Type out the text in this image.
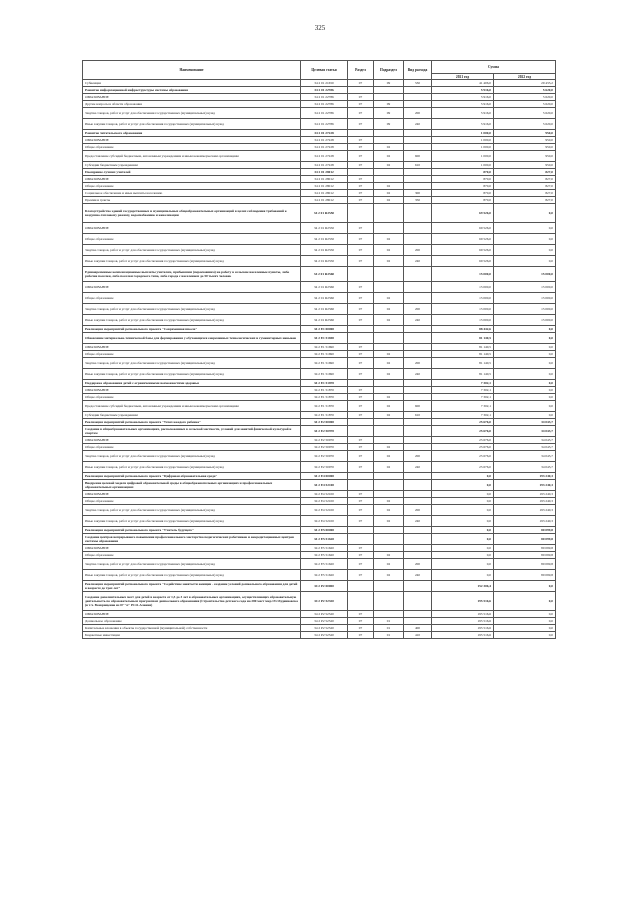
325
Наименование	Целевая статья	Раздел	Подраздел	Вид расхода	Сумма	
					2021 год	2022 год
Субвенции	34 2 01 21650	07	09	530	41 406,0	29 433,2
Развитие информационной инфраструктуры системы образования	34 2 01 22786				5 916,0	5 620,0
ОБРАЗОВАНИЕ	34 2 01 22786	07			5 916,0	5 620,0
Другие вопросы в области образования	34 2 01 22786	07	09		5 916,0	5 620,0
Закупка товаров, работ и услуг для обеспечения государственных (муниципальных) нужд	34 2 01 22786	07	09	200	5 916,0	5 620,0
Иные закупки товаров, работ и услуг для обеспечения государственных (муниципальных) нужд	34 2 01 22786	07	09	240	5 916,0	5 620,0
Развитие читательского образования	34 2 01 27228				1 000,0	950,0
ОБРАЗОВАНИЕ	34 2 01 27228	07			1 000,0	950,0
Общее образование	34 2 01 27228	07	02		1 000,0	950,0
Предоставление субсидий бюджетным, автономным учреждениям и иным некоммерческим организациям	34 2 01 27228	07	02	600	1 000,0	950,0
Субсидии бюджетным учреждениям	34 2 01 27228	07	02	610	1 000,0	950,0
Поощрение лучших учителей	34 2 01 28012				870,0	827,0
ОБРАЗОВАНИЕ	34 2 01 28012	07			870,0	827,0
Общее образование	34 2 01 28012	07	02		870,0	827,0
Социальное обеспечение и иные выплаты населению	34 2 01 28012	07	02	300	870,0	827,0
Премии и гранты	34 2 01 28012	07	02	350	870,0	827,0
Благоустройство зданий государственных и муниципальных общеобразовательных организаций в целях соблюдения требований к воздушно-тепловому режиму, водоснабжению и канализации	34 2 01 R2550				69 526,0	0,0
ОБРАЗОВАНИЕ	34 2 01 R2550	07			69 526,0	0,0
Общее образование	34 2 01 R2550	07	02		69 526,0	0,0
Закупка товаров, работ и услуг для обеспечения государственных (муниципальных) нужд	34 2 01 R2550	07	02	200	69 526,0	0,0
Иные закупки товаров, работ и услуг для обеспечения государственных (муниципальных) нужд	34 2 01 R2550	07	02	240	69 526,0	0,0
Единовременные компенсационные выплаты учителям, прибывшим (переехавшим) на работу в сельские населенные пункты, либо рабочие поселки, либо поселки городского типа, либо города с населением до 50 тысяч человек	34 2 01 R2560				15 000,0	15 000,0
ОБРАЗОВАНИЕ	34 2 01 R2560	07			15 000,0	15 000,0
Общее образование	34 2 01 R2560	07	02		15 000,0	15 000,0
Закупка товаров, работ и услуг для обеспечения государственных (муниципальных) нужд	34 2 01 R2560	07	02	200	15 000,0	15 000,0
Иные закупки товаров, работ и услуг для обеспечения государственных (муниципальных) нужд	34 2 01 R2560	07	02	240	15 000,0	15 000,0
Реализация мероприятий регионального проекта "Современная школа"	34 2 E1 00000				88 442,6	0,0
Обновление материально-технической базы для формирования у обучающихся современных технологических и гуманитарных навыков	34 2 E1 51690				81 140,5	0,0
ОБРАЗОВАНИЕ	34 2 E1 51690	07			81 140,5	0,0
Общее образование	34 2 E1 51690	07	02		81 140,5	0,0
Закупка товаров, работ и услуг для обеспечения государственных (муниципальных) нужд	34 2 E1 51690	07	02	200	81 140,5	0,0
Иные закупки товаров, работ и услуг для обеспечения государственных (муниципальных) нужд	34 2 E1 51690	07	02	240	81 140,5	0,0
Поддержка образования детей с ограниченными возможностями здоровья	34 2 E1 51870				7 302,1	0,0
ОБРАЗОВАНИЕ	34 2 E1 51870	07			7 302,1	0,0
Общее образование	34 2 E1 51870	07	02		7 302,1	0,0
Предоставление субсидий бюджетным, автономным учреждениям и иным некоммерческим организациям	34 2 E1 51870	07	02	600	7 302,1	0,0
Субсидии бюджетным учреждениям	34 2 E1 51870	07	02	610	7 302,1	0,0
Реализация мероприятий регионального проекта "Успех каждого ребенка"	34 2 E2 00000				25 676,0	34 043,7
Создание в общеобразовательных организациях, расположенных в сельской местности, условий для занятий физической культурой и спортом	34 2 E2 50970				25 676,0	34 043,7
ОБРАЗОВАНИЕ	34 2 E2 50970	07			25 676,0	34 043,7
Общее образование	34 2 E2 50970	07	02		25 676,0	34 043,7
Закупка товаров, работ и услуг для обеспечения государственных (муниципальных) нужд	34 2 E2 50970	07	02	200	25 676,0	34 043,7
Иные закупки товаров, работ и услуг для обеспечения государственных (муниципальных) нужд	34 2 E2 50970	07	02	240	25 676,0	34 043,7
Реализация мероприятий регионального проекта "Цифровая образовательная среда"	34 2 E4 00000				0,0	193 240,3
Внедрение целевой модели цифровой образовательной среды в общеобразовательных организациях и профессиональных образовательных организациях	34 2 E4 52100				0,0	193 240,3
ОБРАЗОВАНИЕ	34 2 E4 52100	07			0,0	193 240,3
Общее образование	34 2 E4 52100	07	02		0,0	193 240,3
Закупка товаров, работ и услуг для обеспечения государственных (муниципальных) нужд	34 2 E4 52100	07	02	200	0,0	193 240,3
Иные закупки товаров, работ и услуг для обеспечения государственных (муниципальных) нужд	34 2 E4 52100	07	02	240	0,0	193 240,3
Реализация мероприятий регионального проекта "Учитель будущего"	34 2 E5 00000				0,0	80 099,8
Создание центров непрерывного повышения профессионального мастерства педагогических работников и аккредитационных центров системы образования	34 2 E5 51620				0,0	80 099,8
ОБРАЗОВАНИЕ	34 2 E5 51620	07			0,0	80 099,8
Общее образование	34 2 E5 51620	07	02		0,0	80 099,8
Закупка товаров, работ и услуг для обеспечения государственных (муниципальных) нужд	34 2 E5 51620	07	02	200	0,0	80 099,8
Иные закупки товаров, работ и услуг для обеспечения государственных (муниципальных) нужд	34 2 E5 51620	07	02	240	0,0	80 099,8
Реализация мероприятий регионального проекта "Содействие занятости женщин - создание условий дошкольного образования для детей в возрасте до трех лет"	34 2 P2 00000				152 306,4	0,0
Создание дополнительных мест для детей в возрасте от 1,5 до 3 лет в образовательных организациях, осуществляющих образовательную деятельность по образовательным программам дошкольного образования (Строительство детского сада на 280 мест мкр.19 г.Буденновска (в т.ч. Возвращение из 07 "п" РСО-Алания)	34 2 P2 52320				195 516,6	0,0
ОБРАЗОВАНИЕ	34 2 P2 52320	07			195 516,6	0,0
Дошкольное образование	34 2 P2 52320	07	01		195 516,6	0,0
Капитальные вложения в объекты государственной (муниципальной) собственности	34 2 P2 52320	07	01	400	195 516,6	0,0
Бюджетные инвестиции	34 2 P2 52320	07	01	410	195 516,6	0,0
